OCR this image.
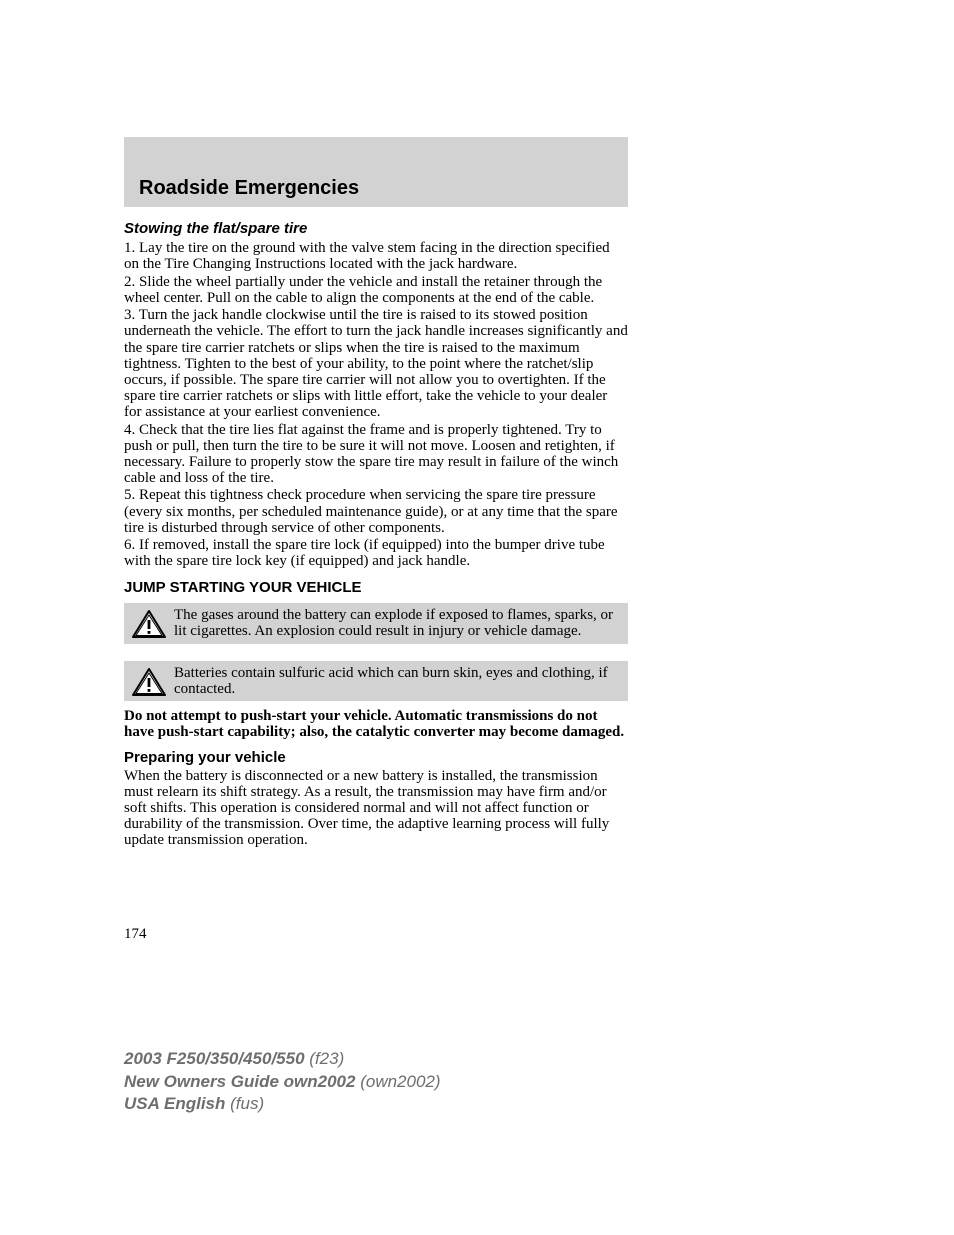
Roadside Emergencies
Stowing the flat/spare tire
1. Lay the tire on the ground with the valve stem facing in the direction specified on the Tire Changing Instructions located with the jack hardware.
2. Slide the wheel partially under the vehicle and install the retainer through the wheel center. Pull on the cable to align the components at the end of the cable.
3. Turn the jack handle clockwise until the tire is raised to its stowed position underneath the vehicle. The effort to turn the jack handle increases significantly and the spare tire carrier ratchets or slips when the tire is raised to the maximum tightness. Tighten to the best of your ability, to the point where the ratchet/slip occurs, if possible. The spare tire carrier will not allow you to overtighten. If the spare tire carrier ratchets or slips with little effort, take the vehicle to your dealer for assistance at your earliest convenience.
4. Check that the tire lies flat against the frame and is properly tightened. Try to push or pull, then turn the tire to be sure it will not move. Loosen and retighten, if necessary. Failure to properly stow the spare tire may result in failure of the winch cable and loss of the tire.
5. Repeat this tightness check procedure when servicing the spare tire pressure (every six months, per scheduled maintenance guide), or at any time that the spare tire is disturbed through service of other components.
6. If removed, install the spare tire lock (if equipped) into the bumper drive tube with the spare tire lock key (if equipped) and jack handle.
JUMP STARTING YOUR VEHICLE
The gases around the battery can explode if exposed to flames, sparks, or lit cigarettes. An explosion could result in injury or vehicle damage.
Batteries contain sulfuric acid which can burn skin, eyes and clothing, if contacted.
Do not attempt to push-start your vehicle. Automatic transmissions do not have push-start capability; also, the catalytic converter may become damaged.
Preparing your vehicle
When the battery is disconnected or a new battery is installed, the transmission must relearn its shift strategy. As a result, the transmission may have firm and/or soft shifts. This operation is considered normal and will not affect function or durability of the transmission. Over time, the adaptive learning process will fully update transmission operation.
174
2003 F250/350/450/550 (f23)
New Owners Guide own2002 (own2002)
USA English (fus)
